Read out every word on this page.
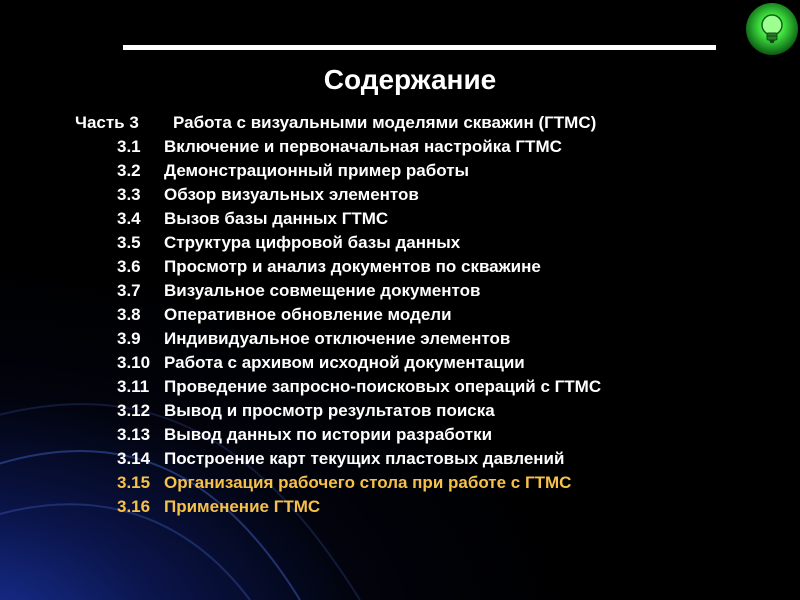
Содержание
Часть 3 Работа с визуальными моделями скважин (ГТМС)
3.1 Включение и первоначальная настройка ГТМС
3.2 Демонстрационный пример работы
3.3 Обзор визуальных элементов
3.4 Вызов базы данных ГТМС
3.5 Структура цифровой базы данных
3.6 Просмотр и анализ документов по скважине
3.7 Визуальное совмещение документов
3.8 Оперативное обновление модели
3.9 Индивидуальное отключение элементов
3.10 Работа с архивом исходной документации
3.11 Проведение запросно-поисковых операций с ГТМС
3.12 Вывод и просмотр результатов поиска
3.13 Вывод данных по истории разработки
3.14 Построение карт текущих пластовых давлений
3.15 Организация рабочего стола при работе с ГТМС
3.16 Применение ГТМС
